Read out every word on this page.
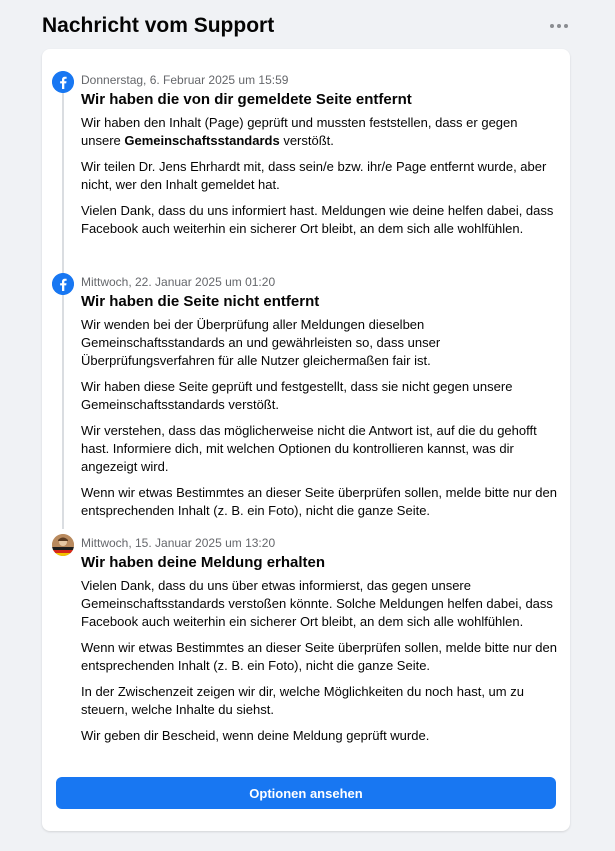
Nachricht vom Support
Donnerstag, 6. Februar 2025 um 15:59
Wir haben die von dir gemeldete Seite entfernt

Wir haben den Inhalt (Page) geprüft und mussten feststellen, dass er gegen unsere Gemeinschaftsstandards verstößt.

Wir teilen Dr. Jens Ehrhardt mit, dass sein/e bzw. ihr/e Page entfernt wurde, aber nicht, wer den Inhalt gemeldet hat.

Vielen Dank, dass du uns informiert hast. Meldungen wie deine helfen dabei, dass Facebook auch weiterhin ein sicherer Ort bleibt, an dem sich alle wohlfühlen.

Mittwoch, 22. Januar 2025 um 01:20
Wir haben die Seite nicht entfernt

Wir wenden bei der Überprüfung aller Meldungen dieselben Gemeinschaftsstandards an und gewährleisten so, dass unser Überprüfungsverfahren für alle Nutzer gleichermaßen fair ist.

Wir haben diese Seite geprüft und festgestellt, dass sie nicht gegen unsere Gemeinschaftsstandards verstößt.

Wir verstehen, dass das möglicherweise nicht die Antwort ist, auf die du gehofft hast. Informiere dich, mit welchen Optionen du kontrollieren kannst, was dir angezeigt wird.

Wenn wir etwas Bestimmtes an dieser Seite überprüfen sollen, melde bitte nur den entsprechenden Inhalt (z. B. ein Foto), nicht die ganze Seite.

Mittwoch, 15. Januar 2025 um 13:20
Wir haben deine Meldung erhalten

Vielen Dank, dass du uns über etwas informierst, das gegen unsere Gemeinschaftsstandards verstoßen könnte. Solche Meldungen helfen dabei, dass Facebook auch weiterhin ein sicherer Ort bleibt, an dem sich alle wohlfühlen.

Wenn wir etwas Bestimmtes an dieser Seite überprüfen sollen, melde bitte nur den entsprechenden Inhalt (z. B. ein Foto), nicht die ganze Seite.

In der Zwischenzeit zeigen wir dir, welche Möglichkeiten du noch hast, um zu steuern, welche Inhalte du siehst.

Wir geben dir Bescheid, wenn deine Meldung geprüft wurde.

Optionen ansehen
